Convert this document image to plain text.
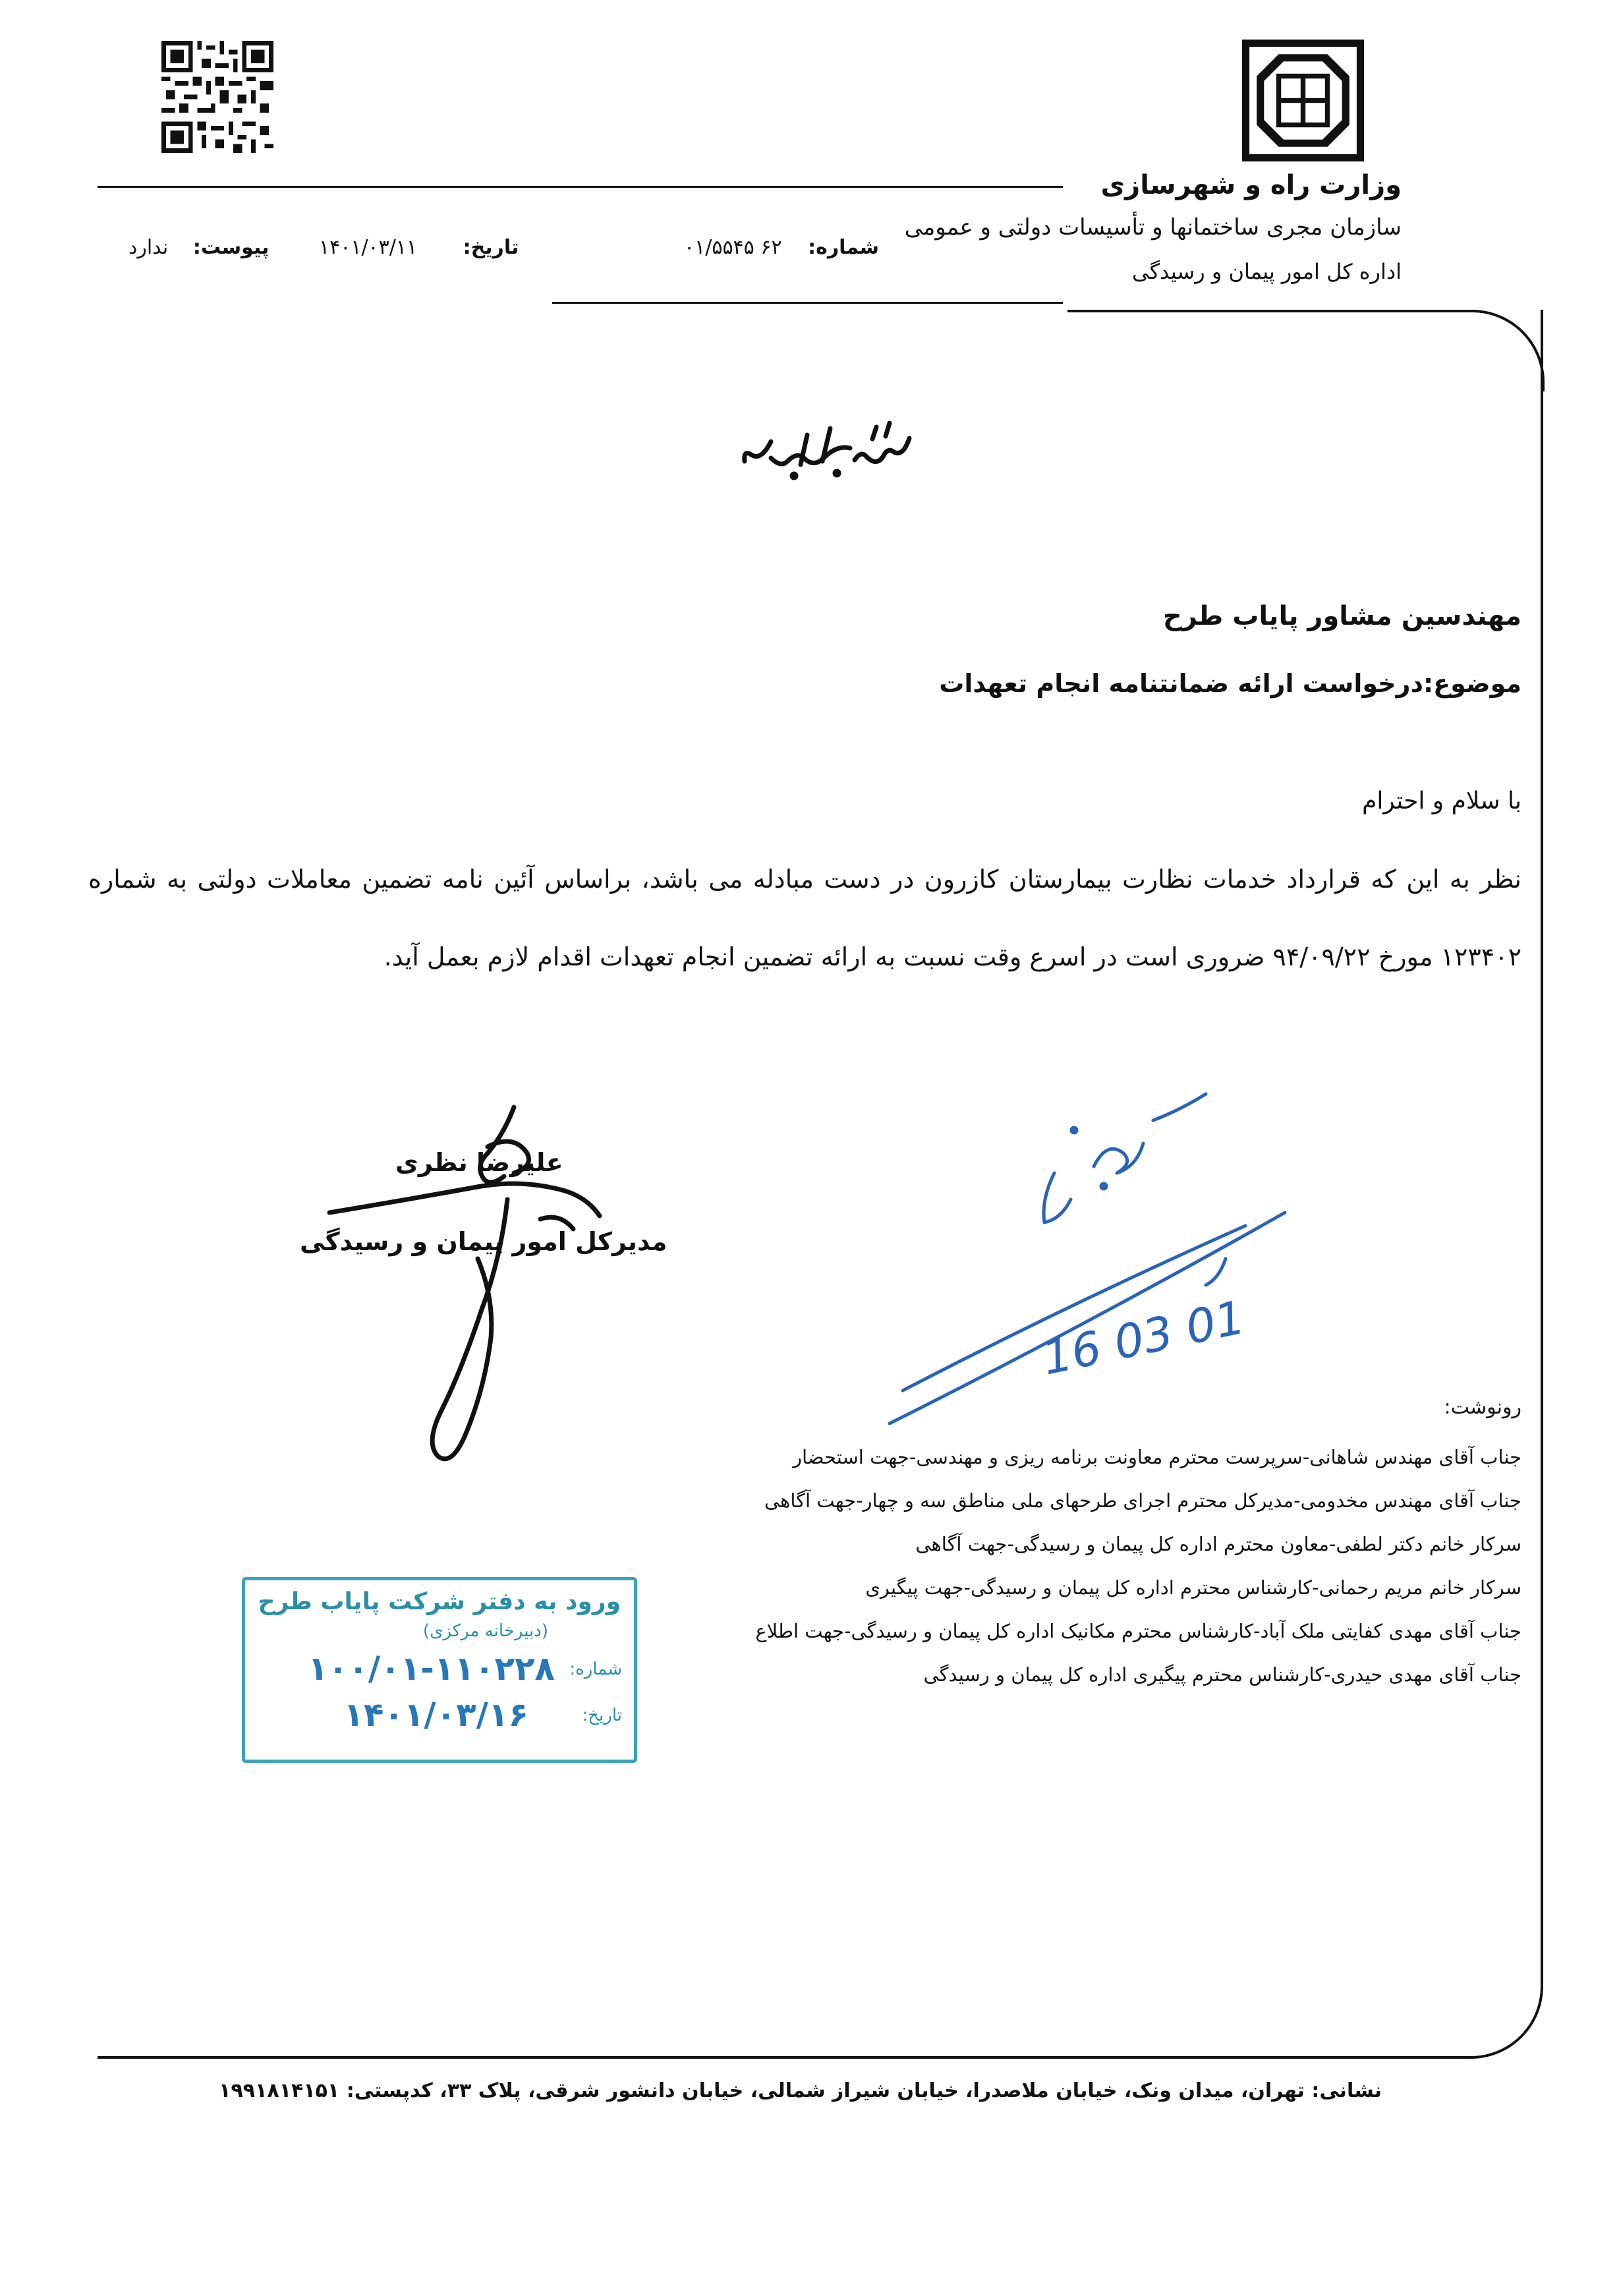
وزارت راه و شهرسازی
سازمان مجری ساختمانها و تأسیسات دولتی و عمومی
اداره کل امور پیمان و رسیدگی
شماره: ۶۲ ۰۱/۵۵۴۵
تاریخ: ۱۴۰۱/۰۳/۱۱
پیوست: ندارد
مهندسین مشاور پایاب طرح
موضوع:درخواست ارائه ضمانتنامه انجام تعهدات
با سلام و احترام
نظر به این که قرارداد خدمات نظارت بیمارستان کازرون در دست مبادله می باشد، براساس آئین نامه تضمین معاملات دولتی به شماره ۱۲۳۴۰۲ مورخ ۹۴/۰۹/۲۲ ضروری است در اسرع وقت نسبت به ارائه تضمین انجام تعهدات اقدام لازم بعمل آید.
علیرضا نظری
مدیرکل امور پیمان و رسیدگی
16 03 01
رونوشت:
جناب آقای مهندس شاهانی-سرپرست محترم معاونت برنامه ریزی و مهندسی-جهت استحضار
جناب آقای مهندس مخدومی-مدیرکل محترم اجرای طرحهای ملی مناطق سه و چهار-جهت آگاهی
سرکار خانم دکتر لطفی-معاون محترم اداره کل پیمان و رسیدگی-جهت آگاهی
سرکار خانم مریم رحمانی-کارشناس محترم اداره کل پیمان و رسیدگی-جهت پیگیری
جناب آقای مهدی کفایتی ملک آباد-کارشناس محترم مکانیک اداره کل پیمان و رسیدگی-جهت اطلاع
جناب آقای مهدی حیدری-کارشناس محترم پیگیری اداره کل پیمان و رسیدگی
ورود به دفتر شرکت پایاب طرح
(دبیرخانه مرکزی)
شماره:
۱۰۰/۰۱-۱۱۰۲۲۸
تاریخ:
۱۴۰۱/۰۳/۱۶
نشانی: تهران، میدان ونک، خیابان ملاصدرا، خیابان شیراز شمالی، خیابان دانشور شرقی، پلاک ۳۳، کدپستی: ۱۹۹۱۸۱۴۱۵۱
